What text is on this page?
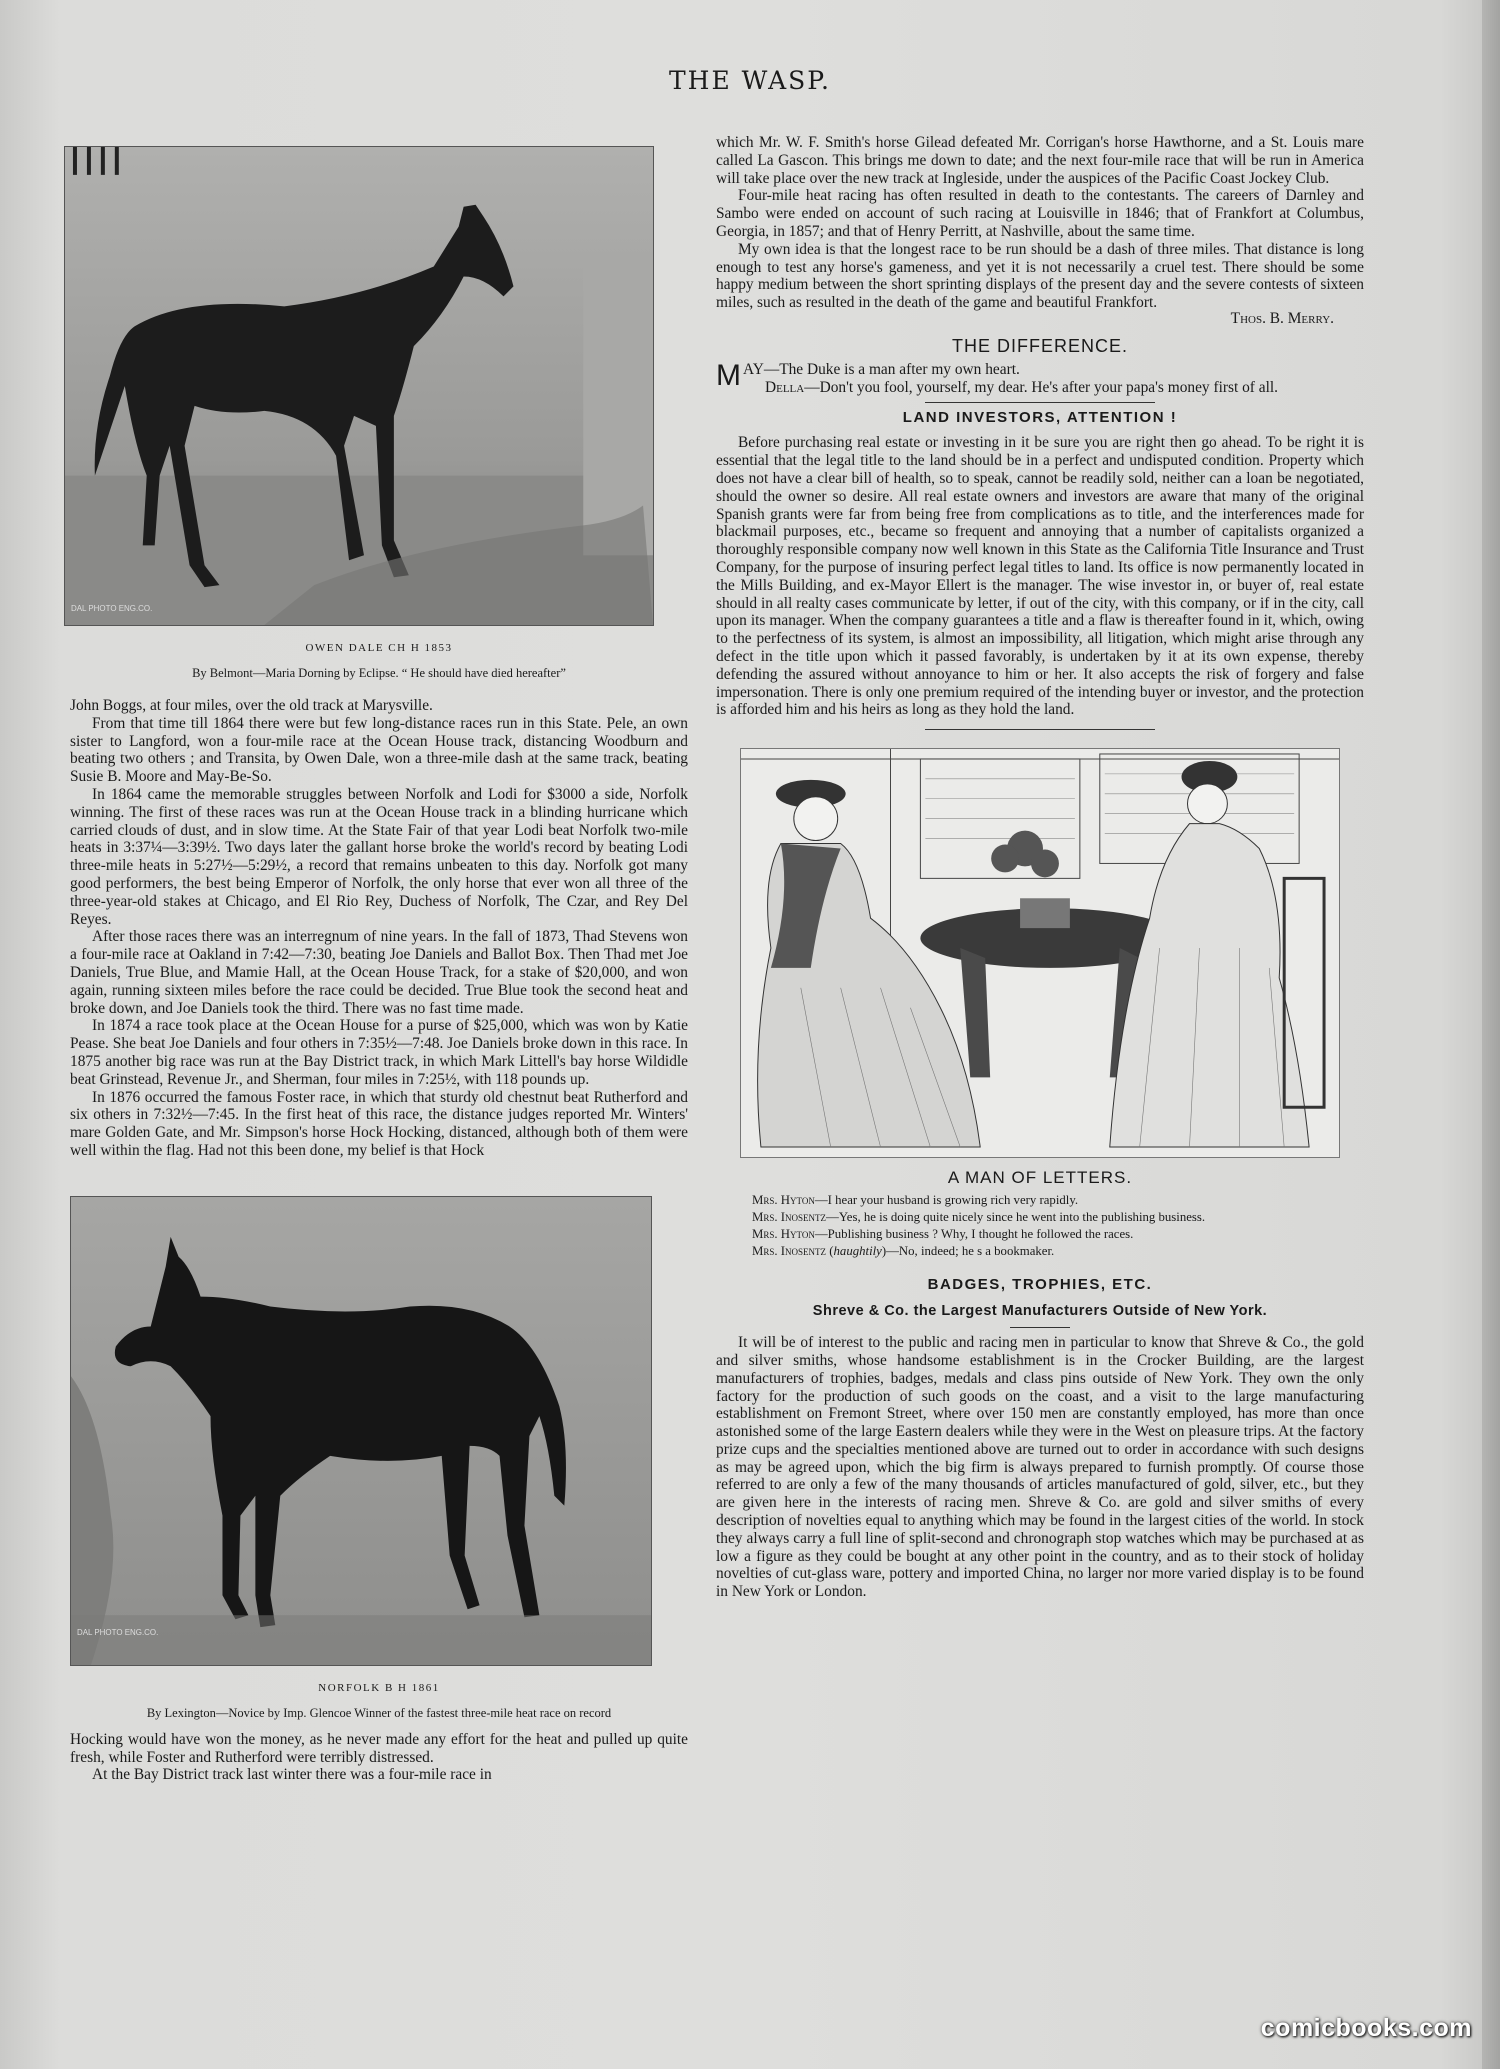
THE WASP.
DAL PHOTO ENG.CO.
OWEN DALE CH H 1853
By Belmont—Maria Dorning by Eclipse. “ He should have died hereafter”

John Boggs, at four miles, over the old track at Marysville.

From that time till 1864 there were but few long-distance races run in this State. Pele, an own sister to Langford, won a four-mile race at the Ocean House track, distancing Woodburn and beating two others ; and Transita, by Owen Dale, won a three-mile dash at the same track, beating Susie B. Moore and May-Be-So.

In 1864 came the memorable struggles between Norfolk and Lodi for $3000 a side, Norfolk winning. The first of these races was run at the Ocean House track in a blinding hurricane which carried clouds of dust, and in slow time. At the State Fair of that year Lodi beat Norfolk two-mile heats in 3:37¼—3:39½. Two days later the gallant horse broke the world's record by beating Lodi three-mile heats in 5:27½—5:29½, a record that remains unbeaten to this day. Norfolk got many good performers, the best being Emperor of Norfolk, the only horse that ever won all three of the three-year-old stakes at Chicago, and El Rio Rey, Duchess of Norfolk, The Czar, and Rey Del Reyes.

After those races there was an interregnum of nine years. In the fall of 1873, Thad Stevens won a four-mile race at Oakland in 7:42—7:30, beating Joe Daniels and Ballot Box. Then Thad met Joe Daniels, True Blue, and Mamie Hall, at the Ocean House Track, for a stake of $20,000, and won again, running sixteen miles before the race could be decided. True Blue took the second heat and broke down, and Joe Daniels took the third. There was no fast time made.

In 1874 a race took place at the Ocean House for a purse of $25,000, which was won by Katie Pease. She beat Joe Daniels and four others in 7:35½—7:48. Joe Daniels broke down in this race. In 1875 another big race was run at the Bay District track, in which Mark Littell's bay horse Wildidle beat Grinstead, Revenue Jr., and Sherman, four miles in 7:25½, with 118 pounds up.

In 1876 occurred the famous Foster race, in which that sturdy old chestnut beat Rutherford and six others in 7:32½—7:45. In the first heat of this race, the distance judges reported Mr. Winters' mare Golden Gate, and Mr. Simpson's horse Hock Hocking, distanced, although both of them were well within the flag. Had not this been done, my belief is that Hock

DAL PHOTO ENG.CO.
NORFOLK B H 1861
By Lexington—Novice by Imp. Glencoe Winner of the fastest three-mile heat race on record

Hocking would have won the money, as he never made any effort for the heat and pulled up quite fresh, while Foster and Rutherford were terribly distressed.

At the Bay District track last winter there was a four-mile race in

which Mr. W. F. Smith's horse Gilead defeated Mr. Corrigan's horse Hawthorne, and a St. Louis mare called La Gascon. This brings me down to date; and the next four-mile race that will be run in America will take place over the new track at Ingleside, under the auspices of the Pacific Coast Jockey Club.

Four-mile heat racing has often resulted in death to the contestants. The careers of Darnley and Sambo were ended on account of such racing at Louisville in 1846; that of Frankfort at Columbus, Georgia, in 1857; and that of Henry Perritt, at Nashville, about the same time.

My own idea is that the longest race to be run should be a dash of three miles. That distance is long enough to test any horse's gameness, and yet it is not necessarily a cruel test. There should be some happy medium between the short sprinting displays of the present day and the severe contests of sixteen miles, such as resulted in the death of the game and beautiful Frankfort.

Thos. B. Merry.
THE DIFFERENCE.

MAY—The Duke is a man after my own heart.
Della—Don't you fool, yourself, my dear. He's after your papa's money first of all.

LAND INVESTORS, ATTENTION !

Before purchasing real estate or investing in it be sure you are right then go ahead. To be right it is essential that the legal title to the land should be in a perfect and undisputed condition. Property which does not have a clear bill of health, so to speak, cannot be readily sold, neither can a loan be negotiated, should the owner so desire. All real estate owners and investors are aware that many of the original Spanish grants were far from being free from complications as to title, and the interferences made for blackmail purposes, etc., became so frequent and annoying that a number of capitalists organized a thoroughly responsible company now well known in this State as the California Title Insurance and Trust Company, for the purpose of insuring perfect legal titles to land. Its office is now permanently located in the Mills Building, and ex-Mayor Ellert is the manager. The wise investor in, or buyer of, real estate should in all realty cases communicate by letter, if out of the city, with this company, or if in the city, call upon its manager. When the company guarantees a title and a flaw is thereafter found in it, which, owing to the perfectness of its system, is almost an impossibility, all litigation, which might arise through any defect in the title upon which it passed favorably, is undertaken by it at its own expense, thereby defending the assured without annoyance to him or her. It also accepts the risk of forgery and false impersonation. There is only one premium required of the intending buyer or investor, and the protection is afforded him and his heirs as long as they hold the land.

A MAN OF LETTERS.

Mrs. Hyton—I hear your husband is growing rich very rapidly.

Mrs. Inosentz—Yes, he is doing quite nicely since he went into the publishing business.

Mrs. Hyton—Publishing business ? Why, I thought he followed the races.

Mrs. Inosentz (haughtily)—No, indeed; he s a bookmaker.

BADGES, TROPHIES, ETC.
Shreve & Co. the Largest Manufacturers Outside of New York.

It will be of interest to the public and racing men in particular to know that Shreve & Co., the gold and silver smiths, whose handsome establishment is in the Crocker Building, are the largest manufacturers of trophies, badges, medals and class pins outside of New York. They own the only factory for the production of such goods on the coast, and a visit to the large manufacturing establishment on Fremont Street, where over 150 men are constantly employed, has more than once astonished some of the large Eastern dealers while they were in the West on pleasure trips. At the factory prize cups and the specialties mentioned above are turned out to order in accordance with such designs as may be agreed upon, which the big firm is always prepared to furnish promptly. Of course those referred to are only a few of the many thousands of articles manufactured of gold, silver, etc., but they are given here in the interests of racing men. Shreve & Co. are gold and silver smiths of every description of novelties equal to anything which may be found in the largest cities of the world. In stock they always carry a full line of split-second and chronograph stop watches which may be purchased at as low a figure as they could be bought at any other point in the country, and as to their stock of holiday novelties of cut-glass ware, pottery and imported China, no larger nor more varied display is to be found in New York or London.

comicbooks.com
